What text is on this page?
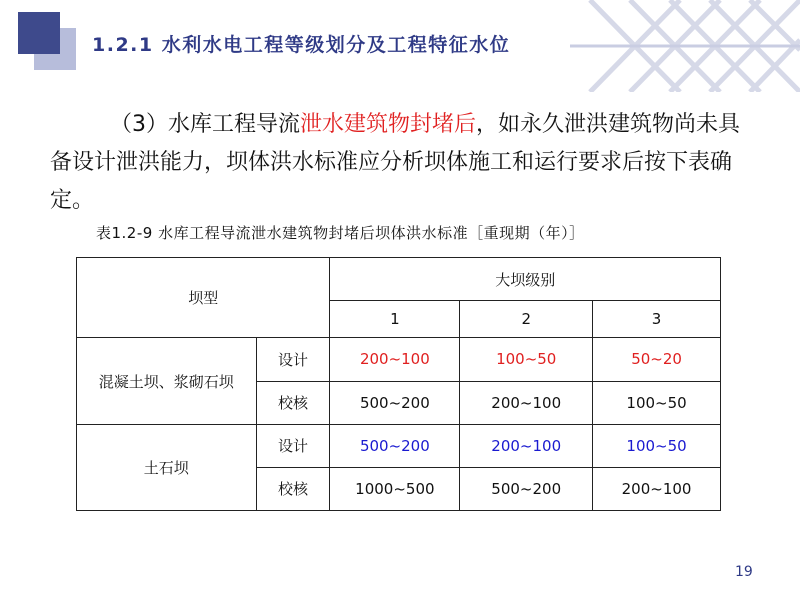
1.2.1 水利水电工程等级划分及工程特征水位
（3）水库工程导流泄水建筑物封堵后，如永久泄洪建筑物尚未具备设计泄洪能力，坝体洪水标准应分析坝体施工和运行要求后按下表确定。
表1.2-9 水库工程导流泄水建筑物封堵后坝体洪水标准［重现期（年）］
坝型		大坝级别		
		1	2	3
混凝土坝、浆砌石坝	设计	200~100	100~50	50~20
	校核	500~200	200~100	100~50
土石坝	设计	500~200	200~100	100~50
	校核	1000~500	500~200	200~100
19
